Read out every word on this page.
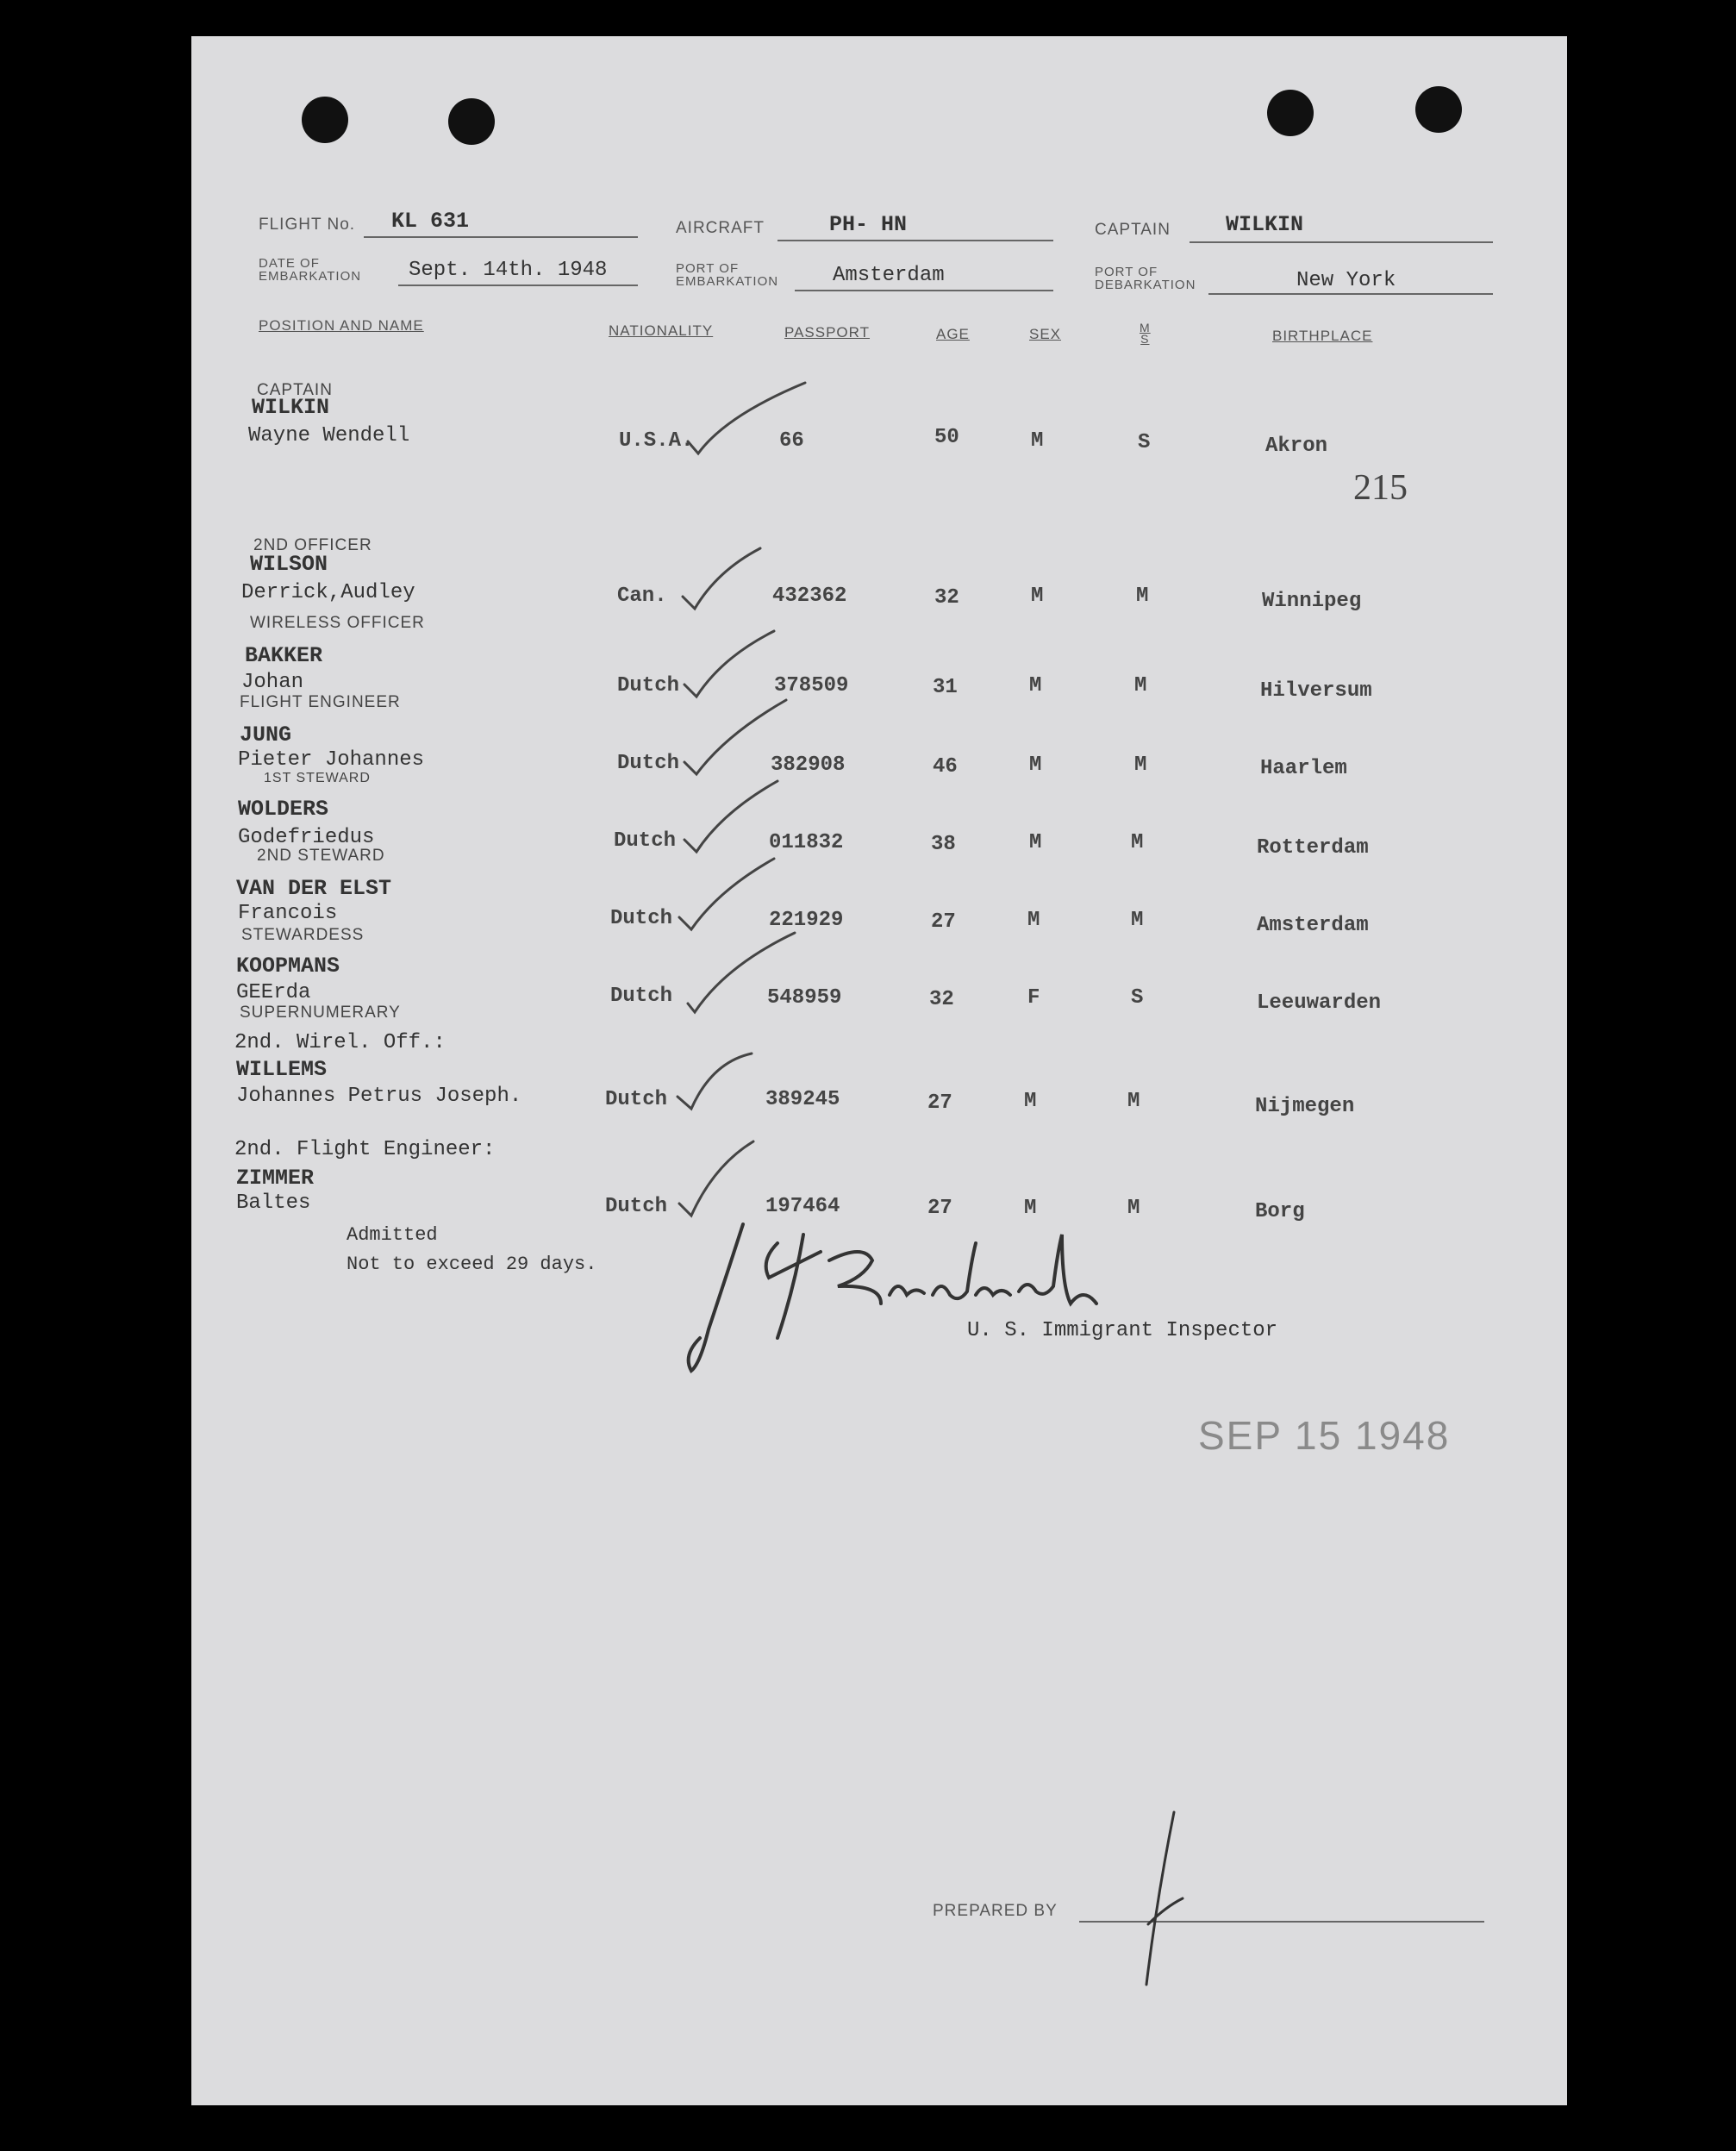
FLIGHT No. KL 631	AIRCRAFT	PH- HN	CAPTAIN	WILKIN
DATE OF
EMBARKATION Sept. 14th. 1948	PORT OF
EMBARKATION	Amsterdam	PORT OF
DEBARKATION	New York
POSITION AND NAME	NATIONALITY	PASSPORT	AGE	SEX	M
S	BIRTHPLACE
CAPTAIN
WILKIN
Wayne Wendell	U.S.A.	66	50	M	S	Akron
215
2ND OFFICER
WILSON
Derrick,Audley	Can.	432362	32	M	M	Winnipeg
WIRELESS OFFICER
BAKKER
Johan	Dutch	378509	31	M	M	Hilversum
FLIGHT ENGINEER
JUNG
Pieter Johannes	Dutch	382908	46	M	M	Haarlem
1ST STEWARD
WOLDERS
Godefriedus	Dutch	011832	38	M	M	Rotterdam
2ND STEWARD
VAN DER ELST
Francois	Dutch	221929	27	M	M	Amsterdam
STEWARDESS
KOOPMANS
GEErda	Dutch	548959	32	F	S	Leeuwarden
SUPERNUMERARY
2nd. Wirel. Off.:
WILLEMS
Johannes Petrus Joseph.	Dutch	389245	27	M	M	Nijmegen
2nd. Flight Engineer:
ZIMMER
Baltes	Dutch	197464	27	M	M	Borg
Admitted
Not to exceed 29 days.
U. S. Immigrant Inspector
SEP 15 1948
PREPARED BY
